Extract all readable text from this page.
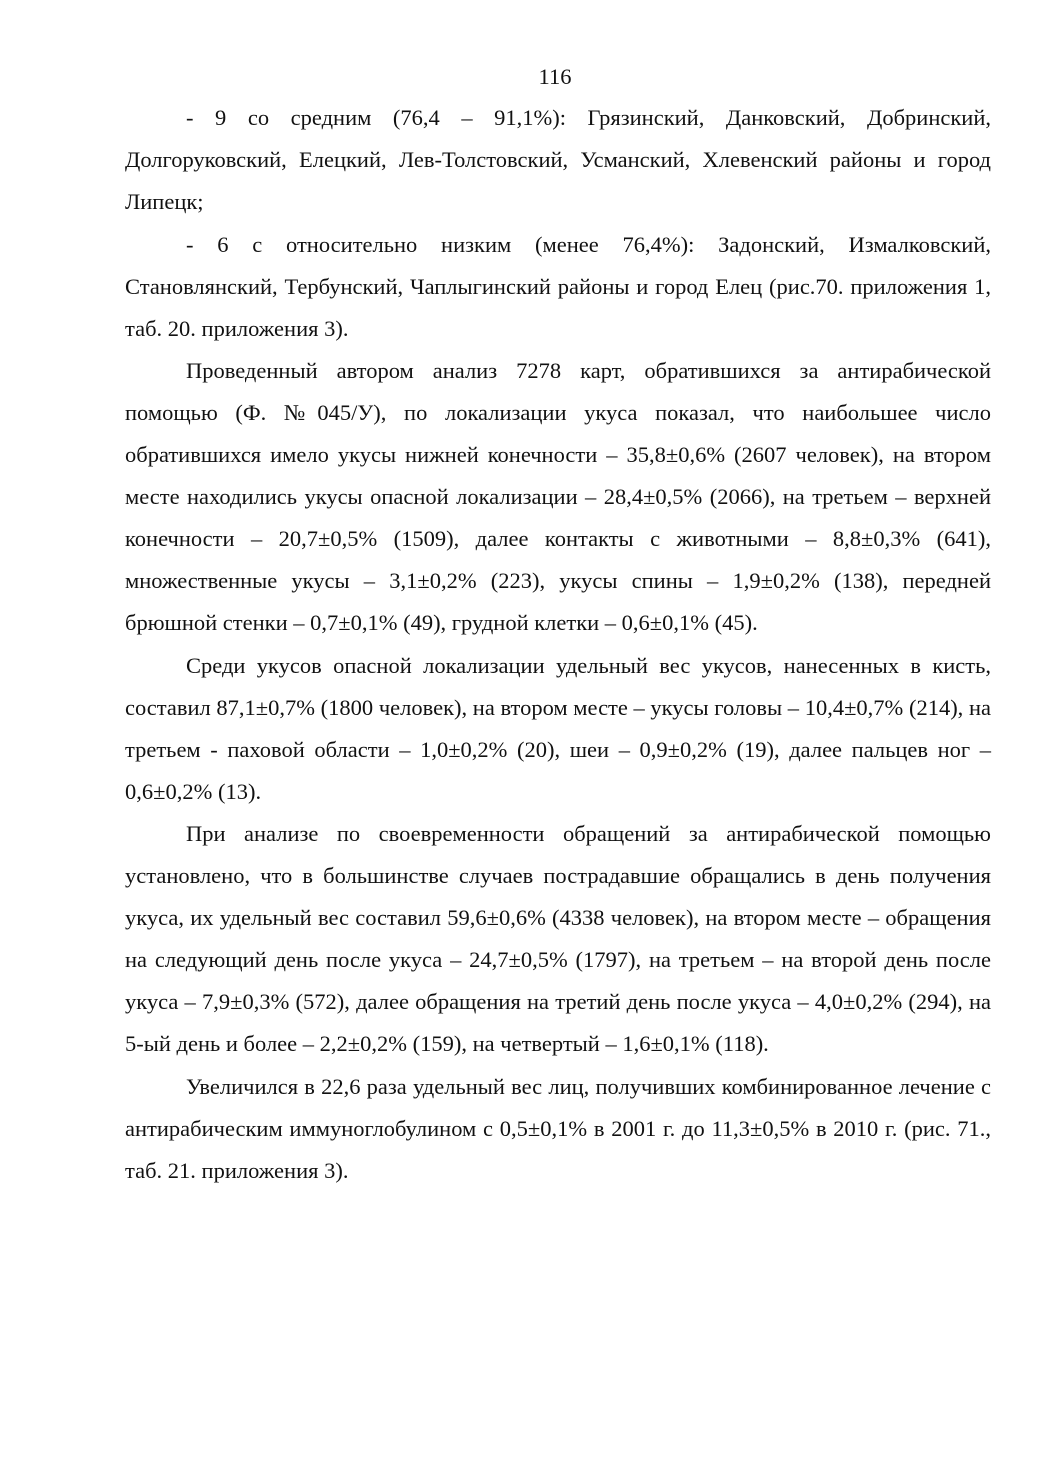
116

- 9 со средним (76,4 – 91,1%): Грязинский, Данковский, Добринский, Долгоруковский, Елецкий, Лев-Толстовский, Усманский, Хлевенский районы и город Липецк;

- 6 с относительно низким (менее 76,4%): Задонский, Измалковский, Становлянский, Тербунский, Чаплыгинский районы и город Елец (рис.70. приложения 1, таб. 20. приложения 3).

Проведенный автором анализ 7278 карт, обратившихся за антирабической помощью (Ф. №045/У), по локализации укуса показал, что наибольшее число обратившихся имело укусы нижней конечности – 35,8±0,6% (2607 человек), на втором месте находились укусы опасной локализации – 28,4±0,5% (2066), на третьем – верхней конечности – 20,7±0,5% (1509), далее контакты с животными – 8,8±0,3% (641), множественные укусы – 3,1±0,2% (223), укусы спины – 1,9±0,2% (138), передней брюшной стенки – 0,7±0,1% (49), грудной клетки – 0,6±0,1% (45).

Среди укусов опасной локализации удельный вес укусов, нанесенных в кисть, составил 87,1±0,7% (1800 человек), на втором месте – укусы головы – 10,4±0,7% (214), на третьем - паховой области – 1,0±0,2% (20), шеи – 0,9±0,2% (19), далее пальцев ног – 0,6±0,2% (13).

При анализе по своевременности обращений за антирабической помощью установлено, что в большинстве случаев пострадавшие обращались в день получения укуса, их удельный вес составил 59,6±0,6% (4338 человек), на втором месте – обращения на следующий день после укуса – 24,7±0,5% (1797), на третьем – на второй день после укуса – 7,9±0,3% (572), далее обращения на третий день после укуса – 4,0±0,2% (294), на 5-ый день и более – 2,2±0,2% (159), на четвертый – 1,6±0,1% (118).

Увеличился в 22,6 раза удельный вес лиц, получивших комбинированное лечение с антирабическим иммуноглобулином с 0,5±0,1% в 2001 г. до 11,3±0,5% в 2010 г. (рис. 71., таб. 21. приложения 3).
